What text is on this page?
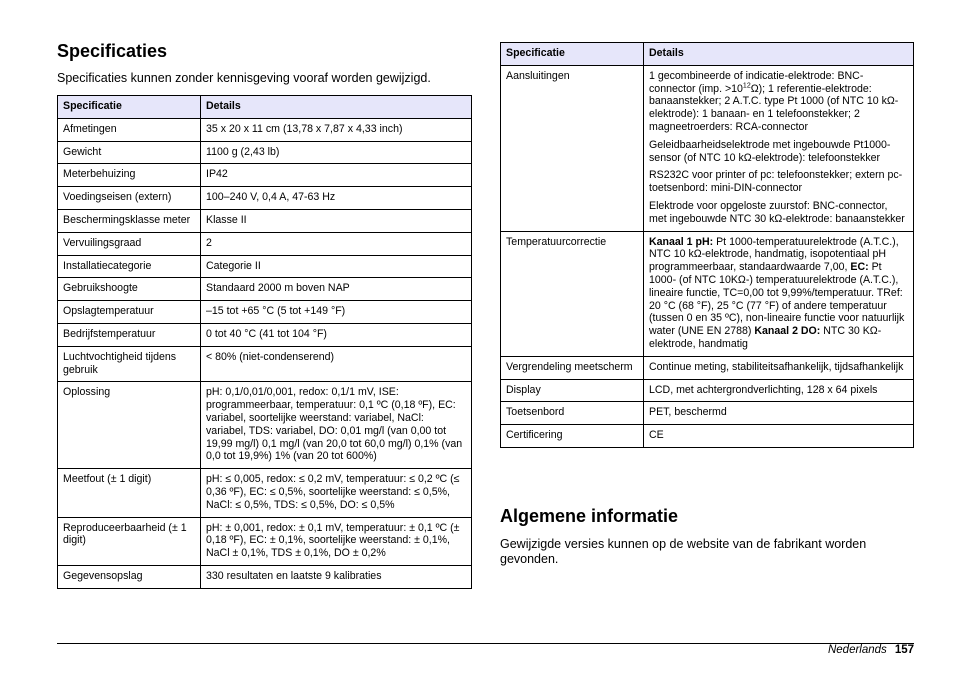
Specificaties
Specificaties kunnen zonder kennisgeving vooraf worden gewijzigd.
Specificatie	Details
Afmetingen	35 x 20 x 11 cm (13,78 x 7,87 x 4,33 inch)
Gewicht	1100 g (2,43 lb)
Meterbehuizing	IP42
Voedingseisen (extern)	100–240 V, 0,4 A, 47-63 Hz
Beschermingsklasse meter	Klasse II
Vervuilingsgraad	2
Installatiecategorie	Categorie II
Gebruikshoogte	Standaard 2000 m boven NAP
Opslagtemperatuur	–15 tot +65 °C (5 tot +149 °F)
Bedrijfstemperatuur	0 tot 40 °C (41 tot 104 °F)
Luchtvochtigheid tijdens gebruik	< 80% (niet-condenserend)
Oplossing	pH: 0,1/0,01/0,001, redox: 0,1/1 mV, ISE: programmeerbaar, temperatuur: 0,1 ºC (0,18 ºF), EC: variabel, soortelijke weerstand: variabel, NaCl: variabel, TDS: variabel, DO: 0,01 mg/l (van 0,00 tot 19,99 mg/l) 0,1 mg/l (van 20,0 tot 60,0 mg/l) 0,1% (van 0,0 tot 19,9%) 1% (van 20 tot 600%)
Meetfout (± 1 digit)	pH: ≤ 0,005, redox: ≤ 0,2 mV, temperatuur: ≤ 0,2 ºC (≤ 0,36 ºF), EC: ≤ 0,5%, soortelijke weerstand: ≤ 0,5%, NaCl: ≤ 0,5%, TDS: ≤ 0,5%, DO: ≤ 0,5%
Reproduceerbaarheid (± 1 digit)	pH: ± 0,001, redox: ± 0,1 mV, temperatuur: ± 0,1 ºC (± 0,18 ºF), EC: ± 0,1%, soortelijke weerstand: ± 0,1%, NaCl ± 0,1%, TDS ± 0,1%, DO ± 0,2%
Gegevensopslag	330 resultaten en laatste 9 kalibraties
Specificatie	Details
Aansluitingen	1 gecombineerde of indicatie-elektrode: BNC-connector (imp. $>10^{12}\Omega$); 1 referentie-elektrode: banaanstekker; 2 A.T.C. type Pt 1000 (of NTC 10 kΩ-elektrode): 1 banaan- en 1 telefoonstekker; 2 magneetroerders: RCA-connector

Geleidbaarheidselektrode met ingebouwde Pt1000-sensor (of NTC 10 kΩ-elektrode): telefoonstekker

RS232C voor printer of pc: telefoonstekker; extern pc-toetsenbord: mini-DIN-connector

Elektrode voor opgeloste zuurstof: BNC-connector, met ingebouwde NTC 30 kΩ-elektrode: banaanstekker

Temperatuurcorrectie	Kanaal 1 pH: Pt 1000-temperatuurelektrode (A.T.C.), NTC 10 kΩ-elektrode, handmatig, isopotentiaal pH programmeerbaar, standaardwaarde 7,00, EC: Pt 1000- (of NTC 10KΩ-) temperatuurelektrode (A.T.C.), lineaire functie, TC=0,00 tot 9,99%/temperatuur. TRef: 20 °C (68 °F), 25 °C (77 °F) of andere temperatuur (tussen 0 en 35 ºC), non-lineaire functie voor natuurlijk water (UNE EN 2788) Kanaal 2 DO: NTC 30 KΩ-elektrode, handmatig
Vergrendeling meetscherm	Continue meting, stabiliteitsafhankelijk, tijdsafhankelijk
Display	LCD, met achtergrondverlichting, 128 x 64 pixels
Toetsenbord	PET, beschermd
Certificering	CE
Algemene informatie
Gewijzigde versies kunnen op de website van de fabrikant worden gevonden.
Nederlands 157
